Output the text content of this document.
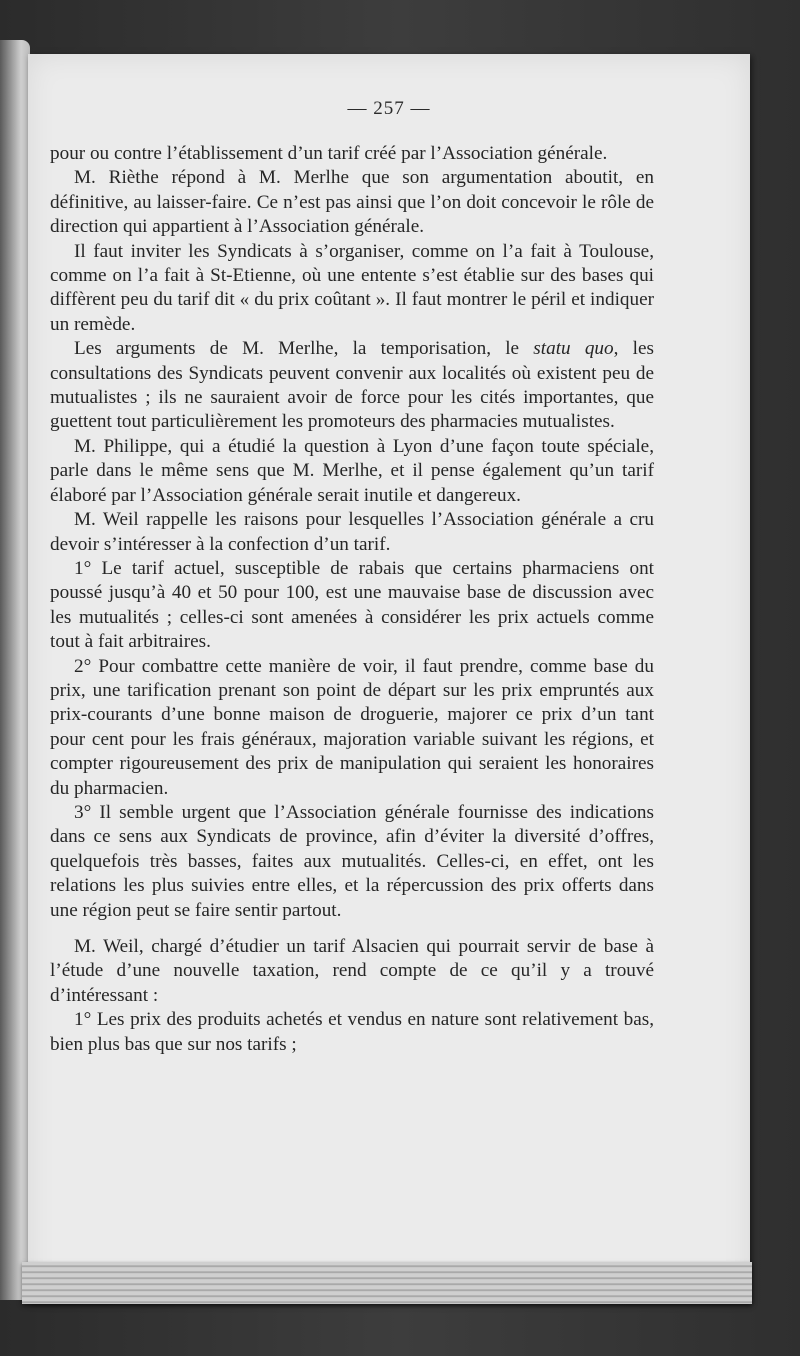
— 257 —

pour ou contre l’établissement d’un tarif créé par l’Association générale.

M. Rièthe répond à M. Merlhe que son argumentation aboutit, en définitive, au laisser-faire. Ce n’est pas ainsi que l’on doit concevoir le rôle de direction qui appartient à l’Association générale.

Il faut inviter les Syndicats à s’organiser, comme on l’a fait à Toulouse, comme on l’a fait à St-Etienne, où une entente s’est établie sur des bases qui diffèrent peu du tarif dit « du prix coûtant ». Il faut montrer le péril et indiquer un remède.

Les arguments de M. Merlhe, la temporisation, le statu quo, les consultations des Syndicats peuvent convenir aux localités où existent peu de mutualistes ; ils ne sauraient avoir de force pour les cités importantes, que guettent tout particulièrement les promoteurs des pharmacies mutualistes.

M. Philippe, qui a étudié la question à Lyon d’une façon toute spéciale, parle dans le même sens que M. Merlhe, et il pense également qu’un tarif élaboré par l’Association générale serait inutile et dangereux.

M. Weil rappelle les raisons pour lesquelles l’Association générale a cru devoir s’intéresser à la confection d’un tarif.

1° Le tarif actuel, susceptible de rabais que certains pharmaciens ont poussé jusqu’à 40 et 50 pour 100, est une mauvaise base de discussion avec les mutualités ; celles-ci sont amenées à considérer les prix actuels comme tout à fait arbitraires.

2° Pour combattre cette manière de voir, il faut prendre, comme base du prix, une tarification prenant son point de départ sur les prix empruntés aux prix-courants d’une bonne maison de droguerie, majorer ce prix d’un tant pour cent pour les frais généraux, majoration variable suivant les régions, et compter rigoureusement des prix de manipulation qui seraient les honoraires du pharmacien.

3° Il semble urgent que l’Association générale fournisse des indications dans ce sens aux Syndicats de province, afin d’éviter la diversité d’offres, quelquefois très basses, faites aux mutualités. Celles-ci, en effet, ont les relations les plus suivies entre elles, et la répercussion des prix offerts dans une région peut se faire sentir partout.

M. Weil, chargé d’étudier un tarif Alsacien qui pourrait servir de base à l’étude d’une nouvelle taxation, rend compte de ce qu’il y a trouvé d’intéressant :

1° Les prix des produits achetés et vendus en nature sont relativement bas, bien plus bas que sur nos tarifs ;
